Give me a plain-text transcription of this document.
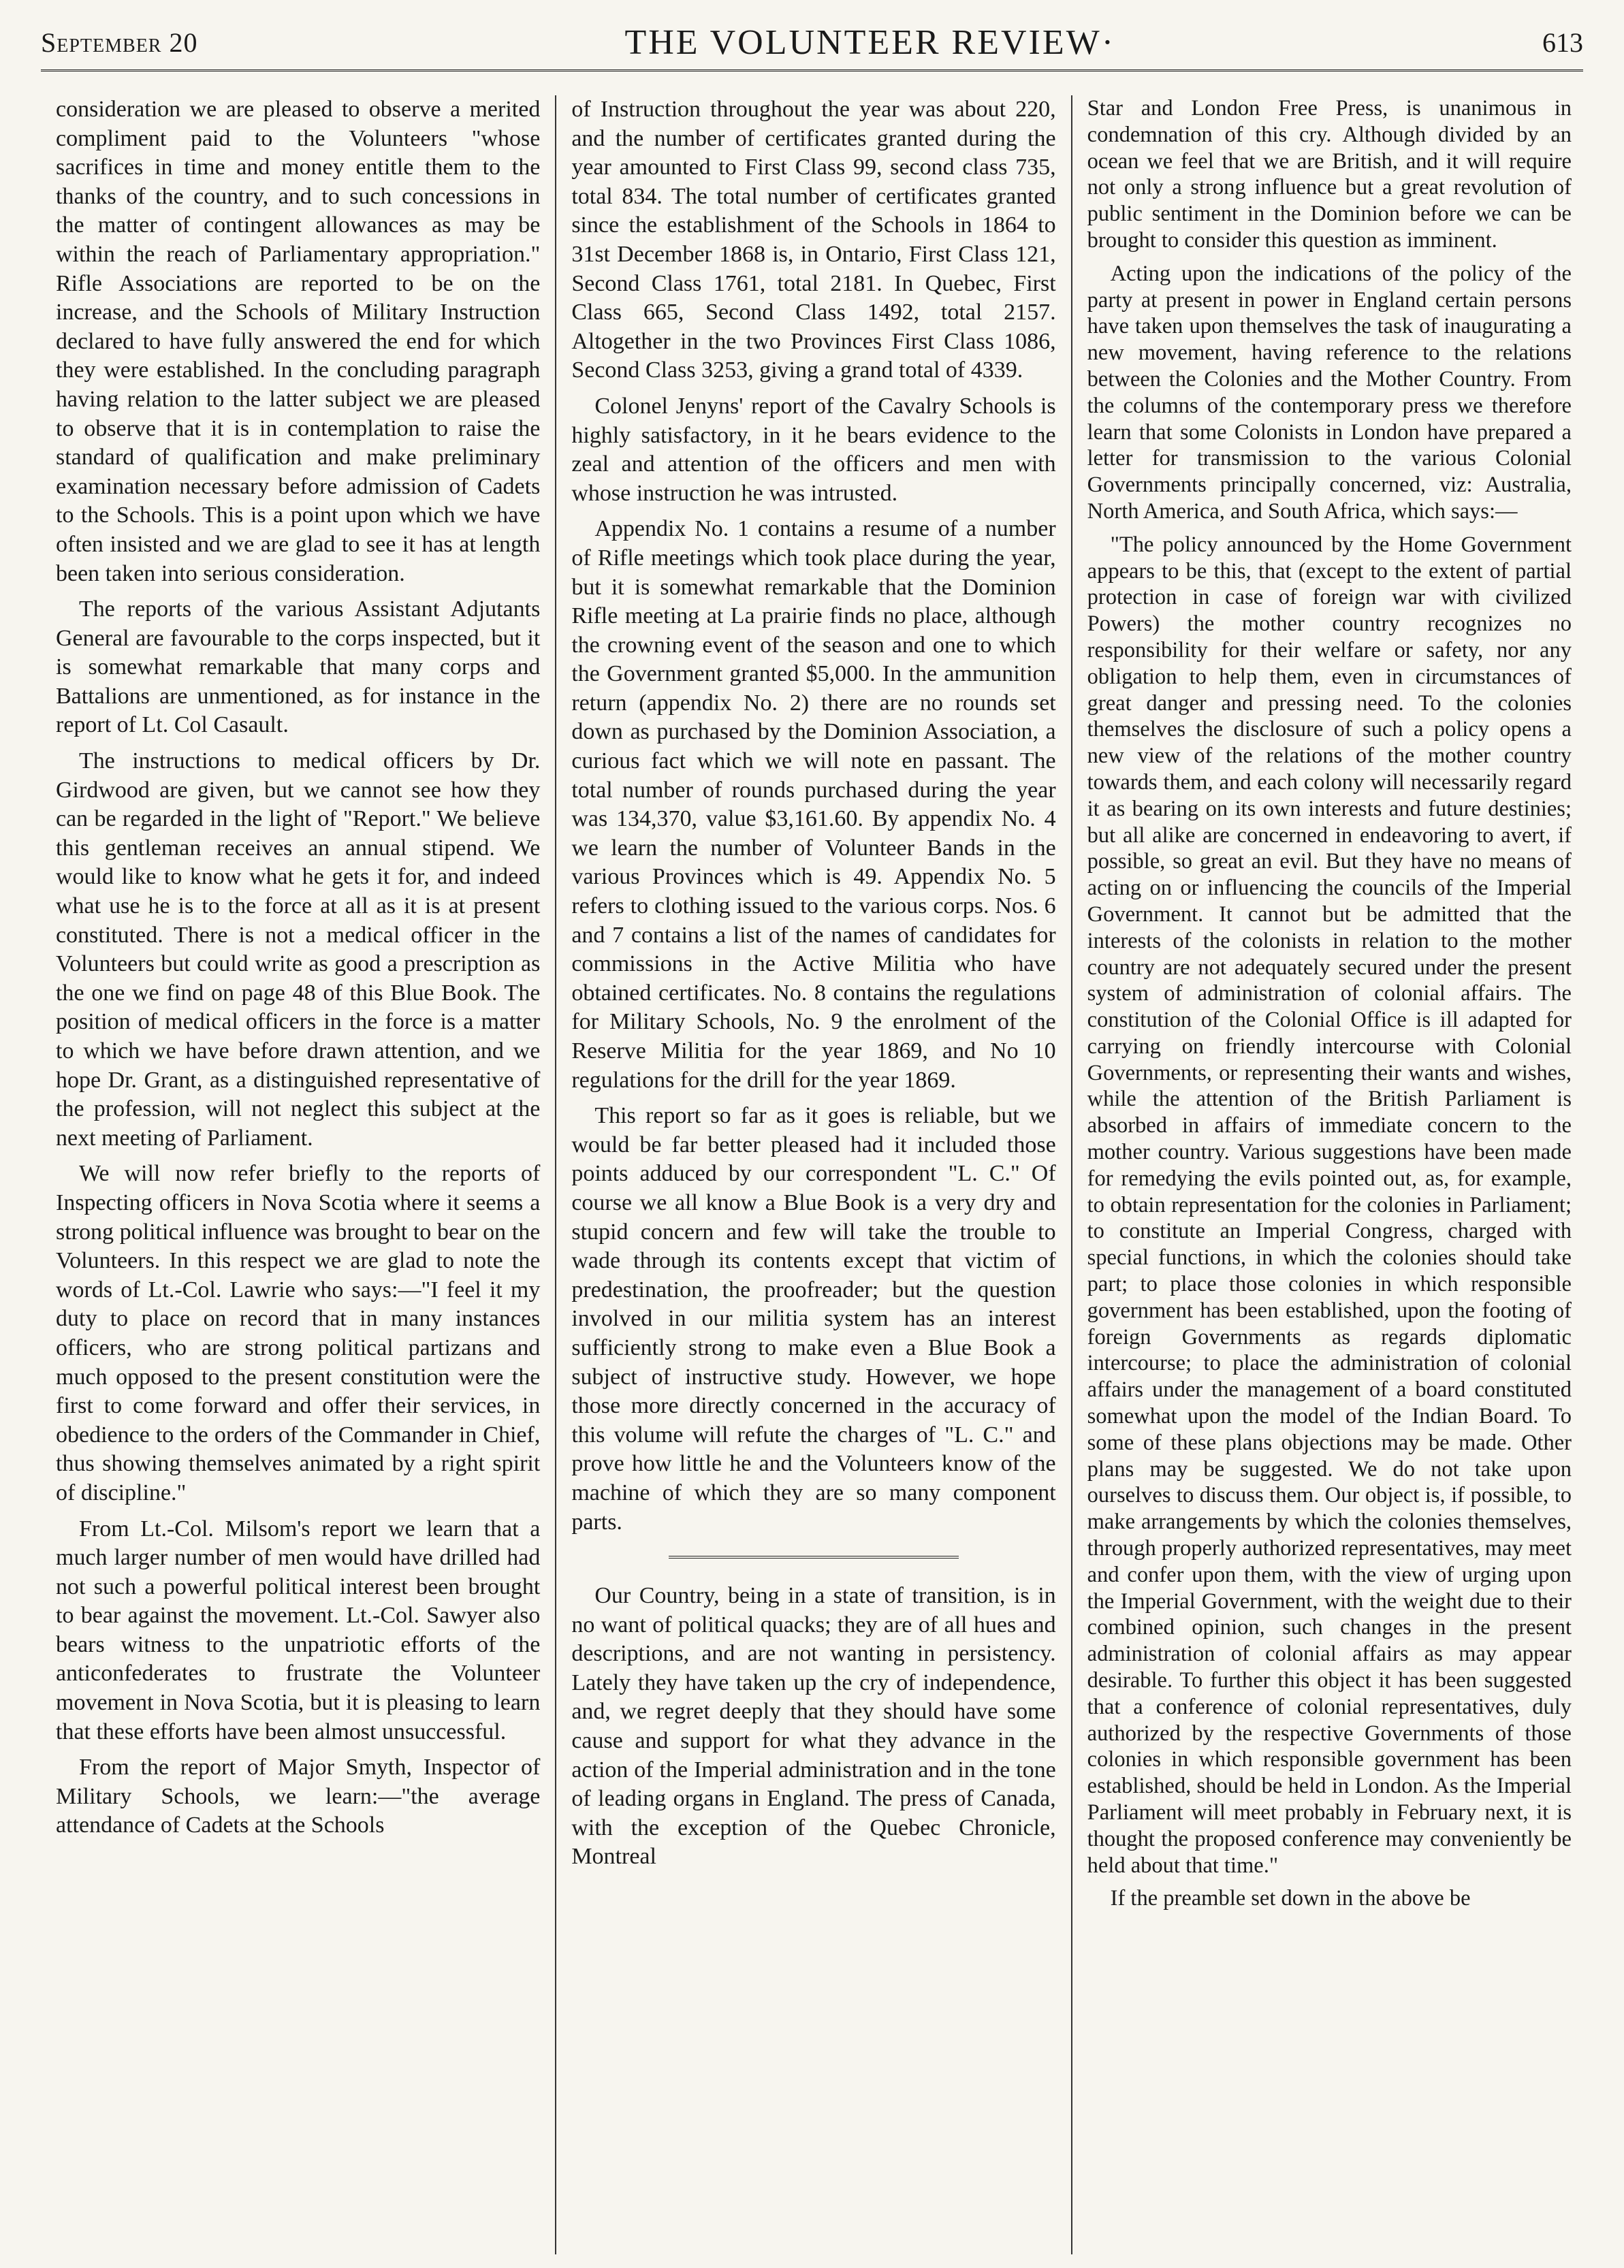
September 20	THE VOLUNTEER REVIEW·	613

consideration we are pleased to observe a merited compliment paid to the Volunteers "whose sacrifices in time and money entitle them to the thanks of the country, and to such concessions in the matter of contingent allowances as may be within the reach of Parliamentary appropriation." Rifle Associations are reported to be on the increase, and the Schools of Military Instruction declared to have fully answered the end for which they were established. In the concluding paragraph having relation to the latter subject we are pleased to observe that it is in contemplation to raise the standard of qualification and make preliminary examination necessary before admission of Cadets to the Schools. This is a point upon which we have often insisted and we are glad to see it has at length been taken into serious consideration.

The reports of the various Assistant Adjutants General are favourable to the corps inspected, but it is somewhat remarkable that many corps and Battalions are unmentioned, as for instance in the report of Lt. Col Casault.

The instructions to medical officers by Dr. Girdwood are given, but we cannot see how they can be regarded in the light of "Report." We believe this gentleman receives an annual stipend. We would like to know what he gets it for, and indeed what use he is to the force at all as it is at present constituted. There is not a medical officer in the Volunteers but could write as good a prescription as the one we find on page 48 of this Blue Book. The position of medical officers in the force is a matter to which we have before drawn attention, and we hope Dr. Grant, as a distinguished representative of the profession, will not neglect this subject at the next meeting of Parliament.

We will now refer briefly to the reports of Inspecting officers in Nova Scotia where it seems a strong political influence was brought to bear on the Volunteers. In this respect we are glad to note the words of Lt.-Col. Lawrie who says:—"I feel it my duty to place on record that in many instances officers, who are strong political partizans and much opposed to the present constitution were the first to come forward and offer their services, in obedience to the orders of the Commander in Chief, thus showing themselves animated by a right spirit of discipline."

From Lt.-Col. Milsom's report we learn that a much larger number of men would have drilled had not such a powerful political interest been brought to bear against the movement. Lt.-Col. Sawyer also bears witness to the unpatriotic efforts of the anticonfederates to frustrate the Volunteer movement in Nova Scotia, but it is pleasing to learn that these efforts have been almost unsuccessful.

From the report of Major Smyth, Inspector of Military Schools, we learn:—"the average attendance of Cadets at the Schools

of Instruction throughout the year was about 220, and the number of certificates granted during the year amounted to First Class 99, second class 735, total 834. The total number of certificates granted since the establishment of the Schools in 1864 to 31st December 1868 is, in Ontario, First Class 121, Second Class 1761, total 2181. In Quebec, First Class 665, Second Class 1492, total 2157. Altogether in the two Provinces First Class 1086, Second Class 3253, giving a grand total of 4339.

Colonel Jenyns' report of the Cavalry Schools is highly satisfactory, in it he bears evidence to the zeal and attention of the officers and men with whose instruction he was intrusted.

Appendix No. 1 contains a resume of a number of Rifle meetings which took place during the year, but it is somewhat remarkable that the Dominion Rifle meeting at La prairie finds no place, although the crowning event of the season and one to which the Government granted $5,000. In the ammunition return (appendix No. 2) there are no rounds set down as purchased by the Dominion Association, a curious fact which we will note en passant. The total number of rounds purchased during the year was 134,370, value $3,161.60. By appendix No. 4 we learn the number of Volunteer Bands in the various Provinces which is 49. Appendix No. 5 refers to clothing issued to the various corps. Nos. 6 and 7 contains a list of the names of candidates for commissions in the Active Militia who have obtained certificates. No. 8 contains the regulations for Military Schools, No. 9 the enrolment of the Reserve Militia for the year 1869, and No 10 regulations for the drill for the year 1869.

This report so far as it goes is reliable, but we would be far better pleased had it included those points adduced by our correspondent "L. C." Of course we all know a Blue Book is a very dry and stupid concern and few will take the trouble to wade through its contents except that victim of predestination, the proofreader; but the question involved in our militia system has an interest sufficiently strong to make even a Blue Book a subject of instructive study. However, we hope those more directly concerned in the accuracy of this volume will refute the charges of "L. C." and prove how little he and the Volunteers know of the machine of which they are so many component parts.

Our Country, being in a state of transition, is in no want of political quacks; they are of all hues and descriptions, and are not wanting in persistency. Lately they have taken up the cry of independence, and, we regret deeply that they should have some cause and support for what they advance in the action of the Imperial administration and in the tone of leading organs in England. The press of Canada, with the exception of the Quebec Chronicle, Montreal

Star and London Free Press, is unanimous in condemnation of this cry. Although divided by an ocean we feel that we are British, and it will require not only a strong influence but a great revolution of public sentiment in the Dominion before we can be brought to consider this question as imminent.

Acting upon the indications of the policy of the party at present in power in England certain persons have taken upon themselves the task of inaugurating a new movement, having reference to the relations between the Colonies and the Mother Country. From the columns of the contemporary press we therefore learn that some Colonists in London have prepared a letter for transmission to the various Colonial Governments principally concerned, viz: Australia, North America, and South Africa, which says:—

"The policy announced by the Home Government appears to be this, that (except to the extent of partial protection in case of foreign war with civilized Powers) the mother country recognizes no responsibility for their welfare or safety, nor any obligation to help them, even in circumstances of great danger and pressing need. To the colonies themselves the disclosure of such a policy opens a new view of the relations of the mother country towards them, and each colony will necessarily regard it as bearing on its own interests and future destinies; but all alike are concerned in endeavoring to avert, if possible, so great an evil. But they have no means of acting on or influencing the councils of the Imperial Government. It cannot but be admitted that the interests of the colonists in relation to the mother country are not adequately secured under the present system of administration of colonial affairs. The constitution of the Colonial Office is ill adapted for carrying on friendly intercourse with Colonial Governments, or representing their wants and wishes, while the attention of the British Parliament is absorbed in affairs of immediate concern to the mother country. Various suggestions have been made for remedying the evils pointed out, as, for example, to obtain representation for the colonies in Parliament; to constitute an Imperial Congress, charged with special functions, in which the colonies should take part; to place those colonies in which responsible government has been established, upon the footing of foreign Governments as regards diplomatic intercourse; to place the administration of colonial affairs under the management of a board constituted somewhat upon the model of the Indian Board. To some of these plans objections may be made. Other plans may be suggested. We do not take upon ourselves to discuss them. Our object is, if possible, to make arrangements by which the colonies themselves, through properly authorized representatives, may meet and confer upon them, with the view of urging upon the Imperial Government, with the weight due to their combined opinion, such changes in the present administration of colonial affairs as may appear desirable. To further this object it has been suggested that a conference of colonial representatives, duly authorized by the respective Governments of those colonies in which responsible government has been established, should be held in London. As the Imperial Parliament will meet probably in February next, it is thought the proposed conference may conveniently be held about that time."

If the preamble set down in the above be
